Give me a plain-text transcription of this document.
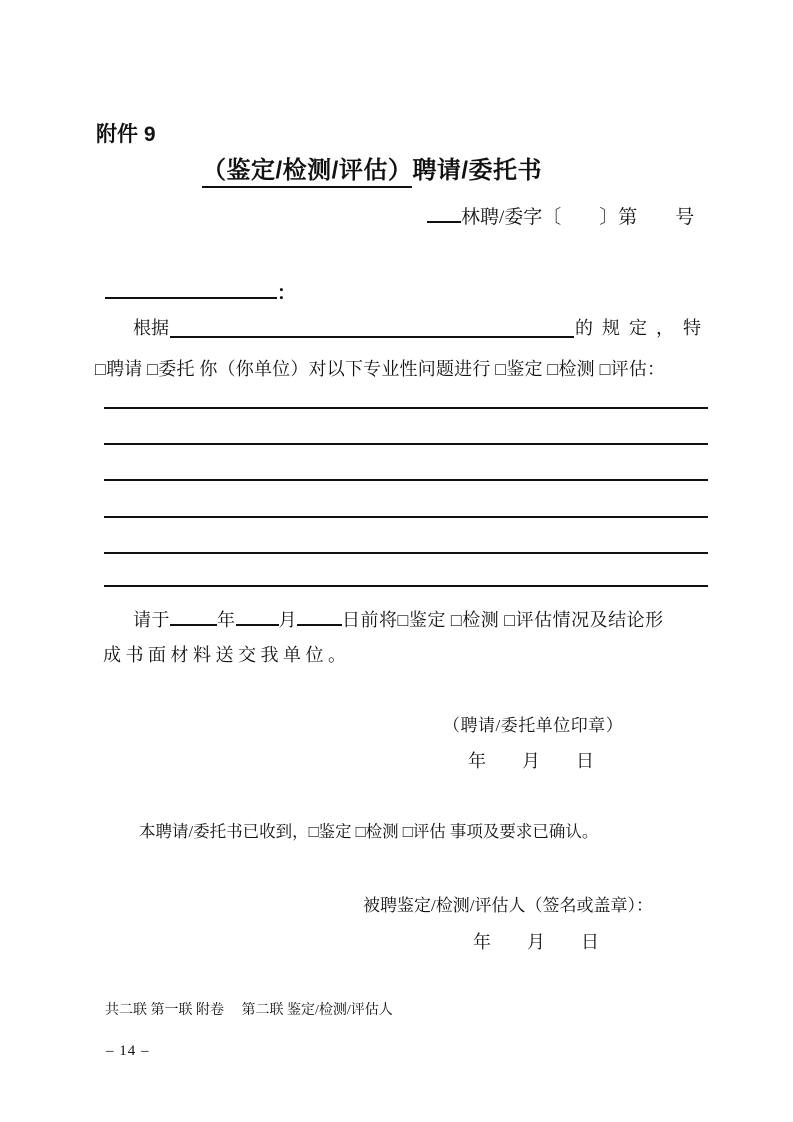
附件 9
（鉴定/检测/评估）聘请/委托书
林聘/委字〔　　〕第　　号
：
根据	的规定，特
□聘请 □委托 你（你单位）对以下专业性问题进行 □鉴定 □检测 □评估：
请于	年 月	日前将□鉴定 □检测 □评估情况及结论形
成书面材料送交我单位。
（聘请/委托单位印章）
年　　月　　日
本聘请/委托书已收到，□鉴定 □检测 □评估 事项及要求已确认。
被聘鉴定/检测/评估人（签名或盖章）：
年　　月　　日
共二联 第一联 附卷　 第二联 鉴定/检测/评估人
– 14 –
